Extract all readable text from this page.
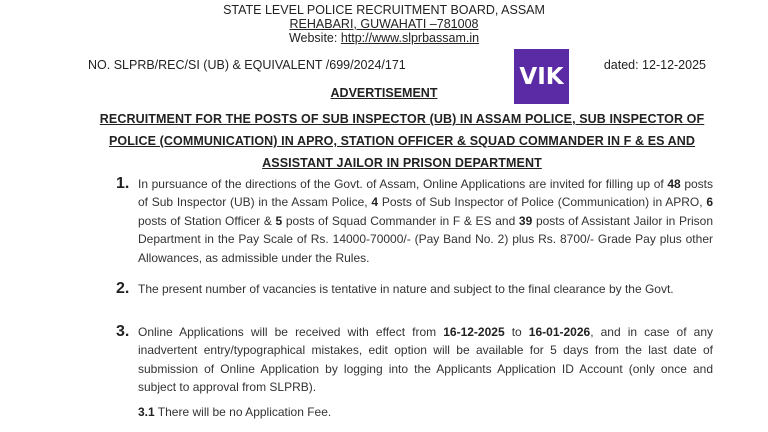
STATE LEVEL POLICE RECRUITMENT BOARD, ASSAM
REHABARI, GUWAHATI –781008
Website: http://www.slprbassam.in
NO. SLPRB/REC/SI (UB) & EQUIVALENT /699/2024/171	VIK	dated: 12-12-2025
ADVERTISEMENT
RECRUITMENT FOR THE POSTS OF SUB INSPECTOR (UB) IN ASSAM POLICE, SUB INSPECTOR OF
POLICE (COMMUNICATION) IN APRO, STATION OFFICER & SQUAD COMMANDER IN F & ES AND
ASSISTANT JAILOR IN PRISON DEPARTMENT
1. In pursuance of the directions of the Govt. of Assam, Online Applications are invited for filling up of 48 posts of Sub Inspector (UB) in the Assam Police, 4 Posts of Sub Inspector of Police (Communication) in APRO, 6 posts of Station Officer & 5 posts of Squad Commander in F & ES and 39 posts of Assistant Jailor in Prison Department in the Pay Scale of Rs. 14000-70000/- (Pay Band No. 2) plus Rs. 8700/- Grade Pay plus other Allowances, as admissible under the Rules.
2. The present number of vacancies is tentative in nature and subject to the final clearance by the Govt.
3. Online Applications will be received with effect from 16-12-2025 to 16-01-2026, and in case of any inadvertent entry/typographical mistakes, edit option will be available for 5 days from the last date of submission of Online Application by logging into the Applicants Application ID Account (only once and subject to approval from SLPRB).
3.1 There will be no Application Fee.
